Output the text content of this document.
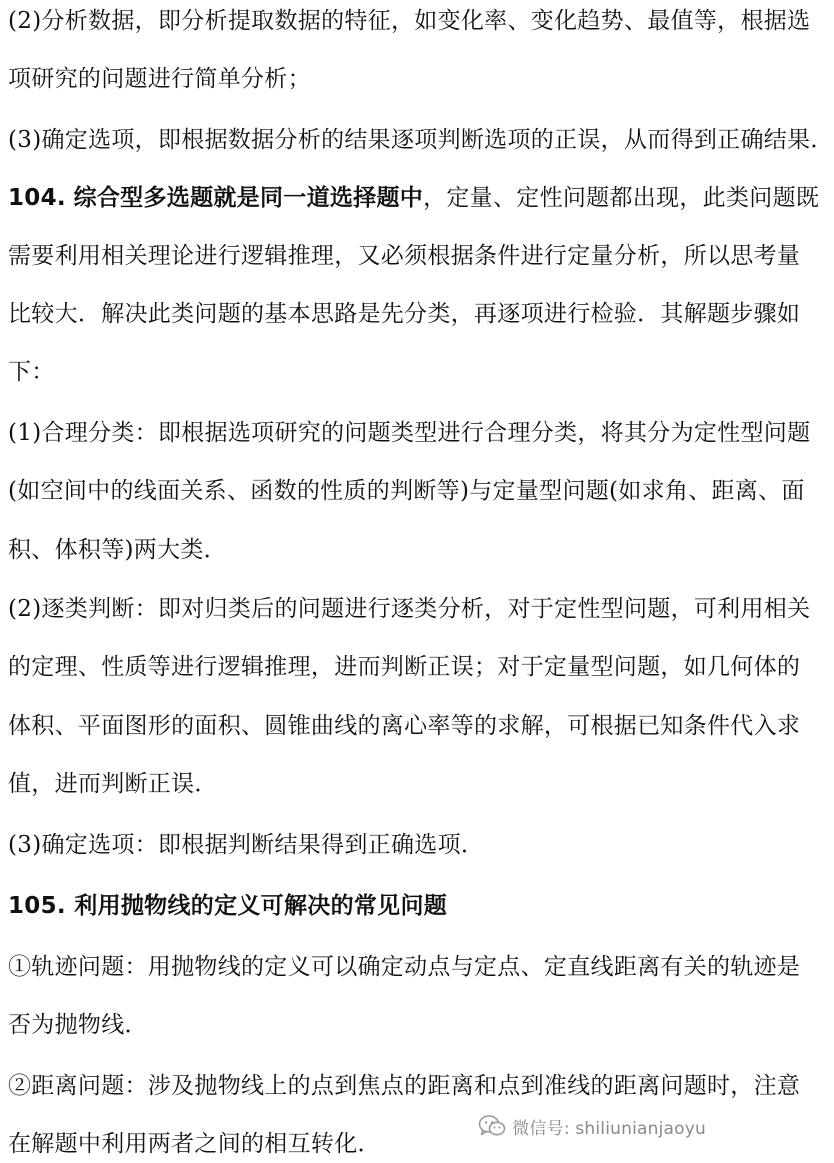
(2)分析数据，即分析提取数据的特征，如变化率、变化趋势、最值等，根据选
项研究的问题进行简单分析；
(3)确定选项，即根据数据分析的结果逐项判断选项的正误，从而得到正确结果．
104. 综合型多选题就是同一道选择题中，定量、定性问题都出现，此类问题既
需要利用相关理论进行逻辑推理，又必须根据条件进行定量分析，所以思考量
比较大．解决此类问题的基本思路是先分类，再逐项进行检验．其解题步骤如
下：
(1)合理分类：即根据选项研究的问题类型进行合理分类，将其分为定性型问题
(如空间中的线面关系、函数的性质的判断等)与定量型问题(如求角、距离、面
积、体积等)两大类．
(2)逐类判断：即对归类后的问题进行逐类分析，对于定性型问题，可利用相关
的定理、性质等进行逻辑推理，进而判断正误；对于定量型问题，如几何体的
体积、平面图形的面积、圆锥曲线的离心率等的求解，可根据已知条件代入求
值，进而判断正误．
(3)确定选项：即根据判断结果得到正确选项．
105. 利用抛物线的定义可解决的常见问题
①轨迹问题：用抛物线的定义可以确定动点与定点、定直线距离有关的轨迹是
否为抛物线．
②距离问题：涉及抛物线上的点到焦点的距离和点到准线的距离问题时，注意
在解题中利用两者之间的相互转化．
微信号: shiliunianjaoyu
